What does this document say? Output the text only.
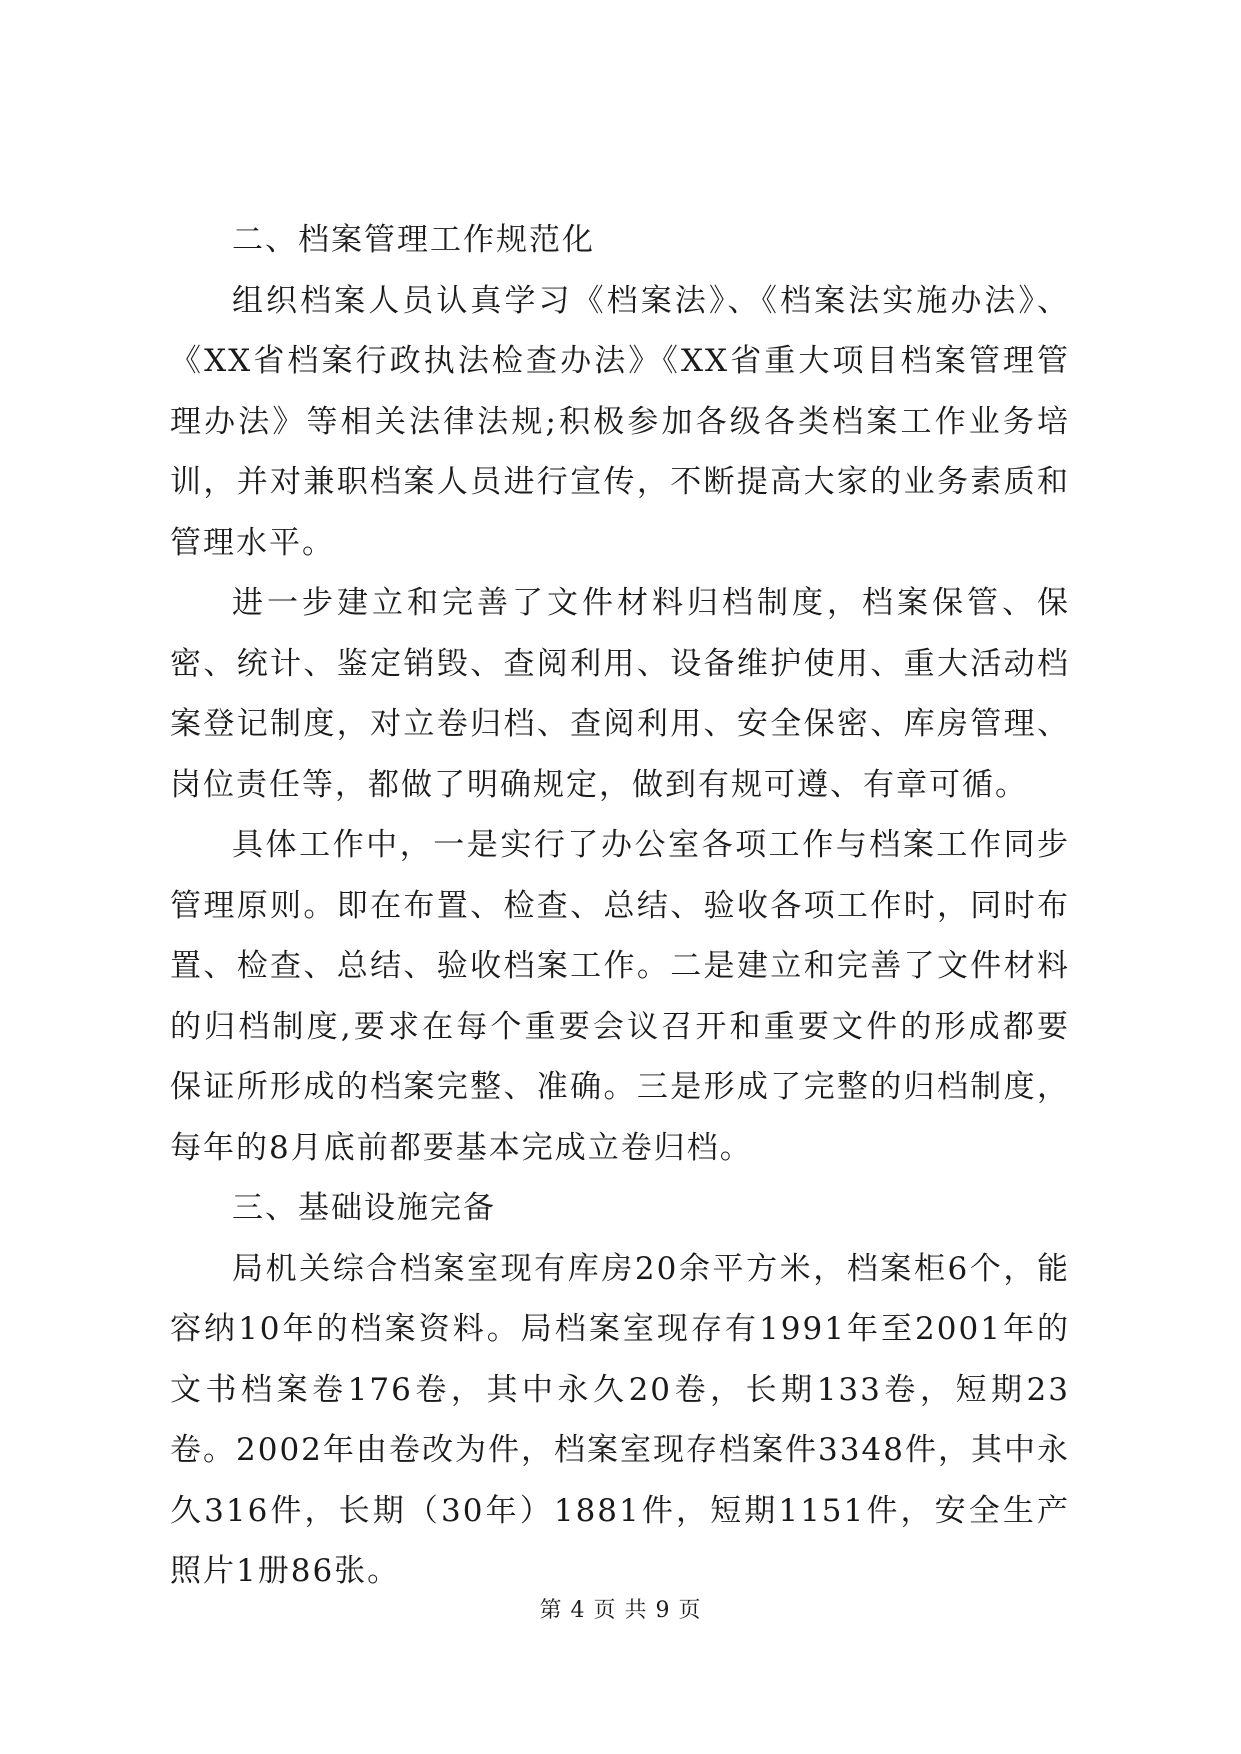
二、档案管理工作规范化

组织档案人员认真学习《档案法》、《档案法实施办法》、《XX省档案行政执法检查办法》《XX省重大项目档案管理管理办法》等相关法律法规;积极参加各级各类档案工作业务培训，并对兼职档案人员进行宣传，不断提高大家的业务素质和管理水平。

进一步建立和完善了文件材料归档制度，档案保管、保密、统计、鉴定销毁、查阅利用、设备维护使用、重大活动档案登记制度，对立卷归档、查阅利用、安全保密、库房管理、岗位责任等，都做了明确规定，做到有规可遵、有章可循。

具体工作中，一是实行了办公室各项工作与档案工作同步管理原则。即在布置、检查、总结、验收各项工作时，同时布置、检查、总结、验收档案工作。二是建立和完善了文件材料的归档制度,要求在每个重要会议召开和重要文件的形成都要保证所形成的档案完整、准确。三是形成了完整的归档制度，每年的8月底前都要基本完成立卷归档。

三、基础设施完备

局机关综合档案室现有库房20余平方米，档案柜6个，能容纳10年的档案资料。局档案室现存有1991年至2001年的文书档案卷176卷，其中永久20卷，长期133卷，短期23卷。2002年由卷改为件，档案室现存档案件3348件，其中永久316件，长期（30年）1881件，短期1151件，安全生产照片1册86张。

第 4 页 共 9 页
